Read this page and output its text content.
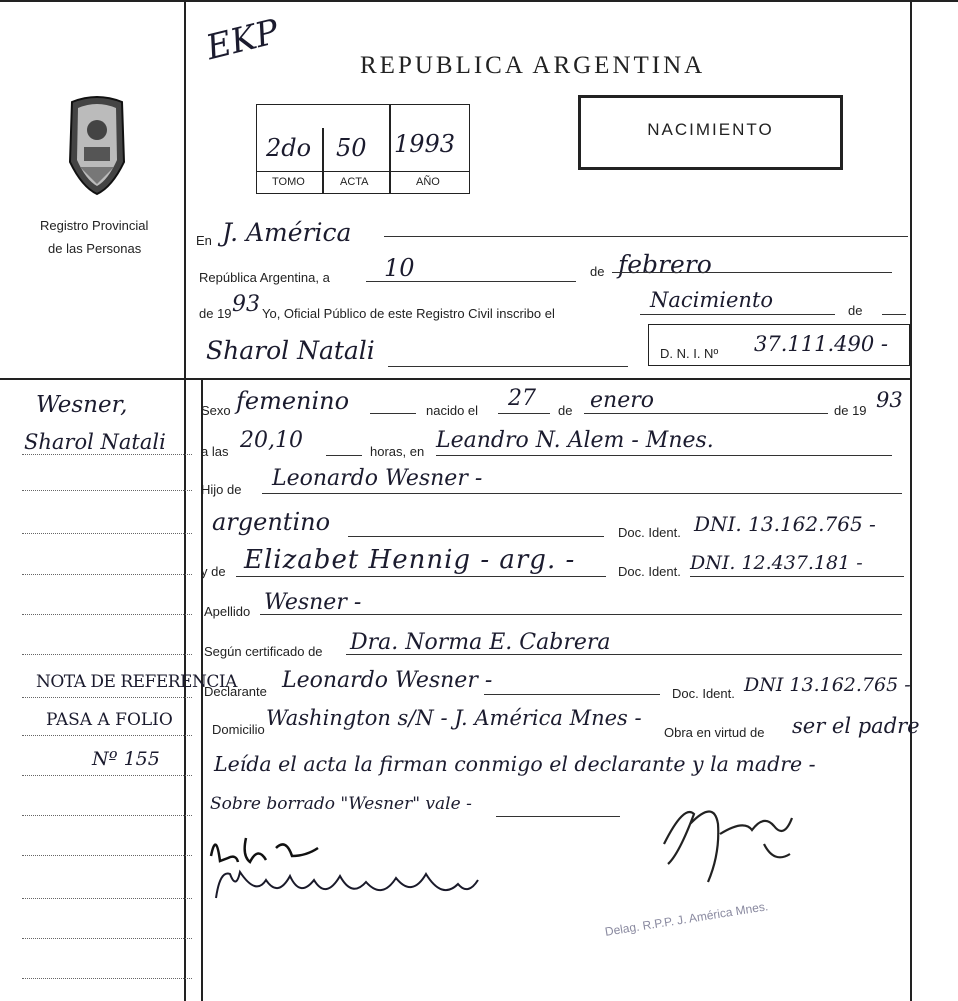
Registro Provincial
de las Personas
EKP	REPUBLICA ARGENTINA
2do 50 1993
TOMO	ACTA	AÑO
NACIMIENTO
En J. América
República Argentina, a 10	de febrero
de 19 93 Yo, Oficial Público de este Registro Civil inscribo el
Nacimiento	de
Sharol Natali	D. N. I. Nº 37.111.490 -
Wesner,
Sharol Natali
NOTA DE REFERENCIA
PASA A FOLIO
Nº 155
Sexo femenino	nacido el 27 de enero	de 19 93
a las 20,10	horas, en Leandro N. Alem - Mnes.
Hijo de Leonardo Wesner -
argentino	Doc. Ident. DNI. 13.162.765 -
y de Elizabet Hennig - arg. -	Doc. Ident. DNI. 12.437.181 -
Apellido Wesner -
Según certificado de Dra. Norma E. Cabrera
Declarante Leonardo Wesner -
Doc. Ident. DNI 13.162.765 -
Domicilio Washington s/N - J. América Mnes -
Obra en virtud de ser el padre
Leída el acta la firman conmigo el declarante y la madre -
Sobre borrado "Wesner" vale -
Delag. R.P.P. J. América Mnes.
